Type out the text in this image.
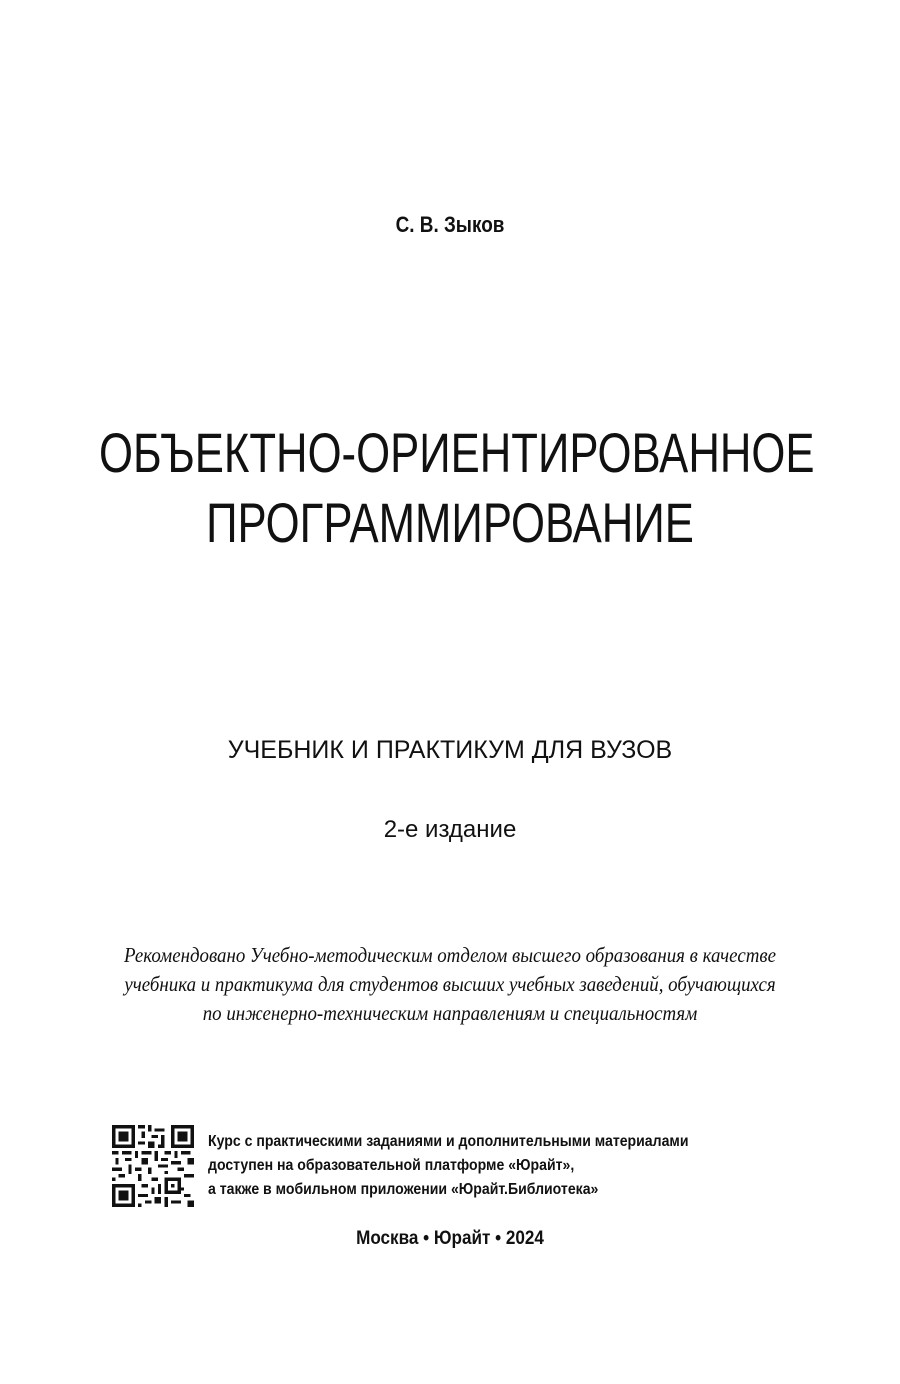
С. В. Зыков
ОБЪЕКТНО-ОРИЕНТИРОВАННОЕ
ПРОГРАММИРОВАНИЕ
УЧЕБНИК И ПРАКТИКУМ ДЛЯ ВУЗОВ
2-е издание
Рекомендовано Учебно-методическим отделом высшего образования в качестве
учебника и практикума для студентов высших учебных заведений, обучающихся
по инженерно-техническим направлениям и специальностям
Курс с практическими заданиями и дополнительными материалами
доступен на образовательной платформе «Юрайт»,
а также в мобильном приложении «Юрайт.Библиотека»
Москва • Юрайт • 2024
